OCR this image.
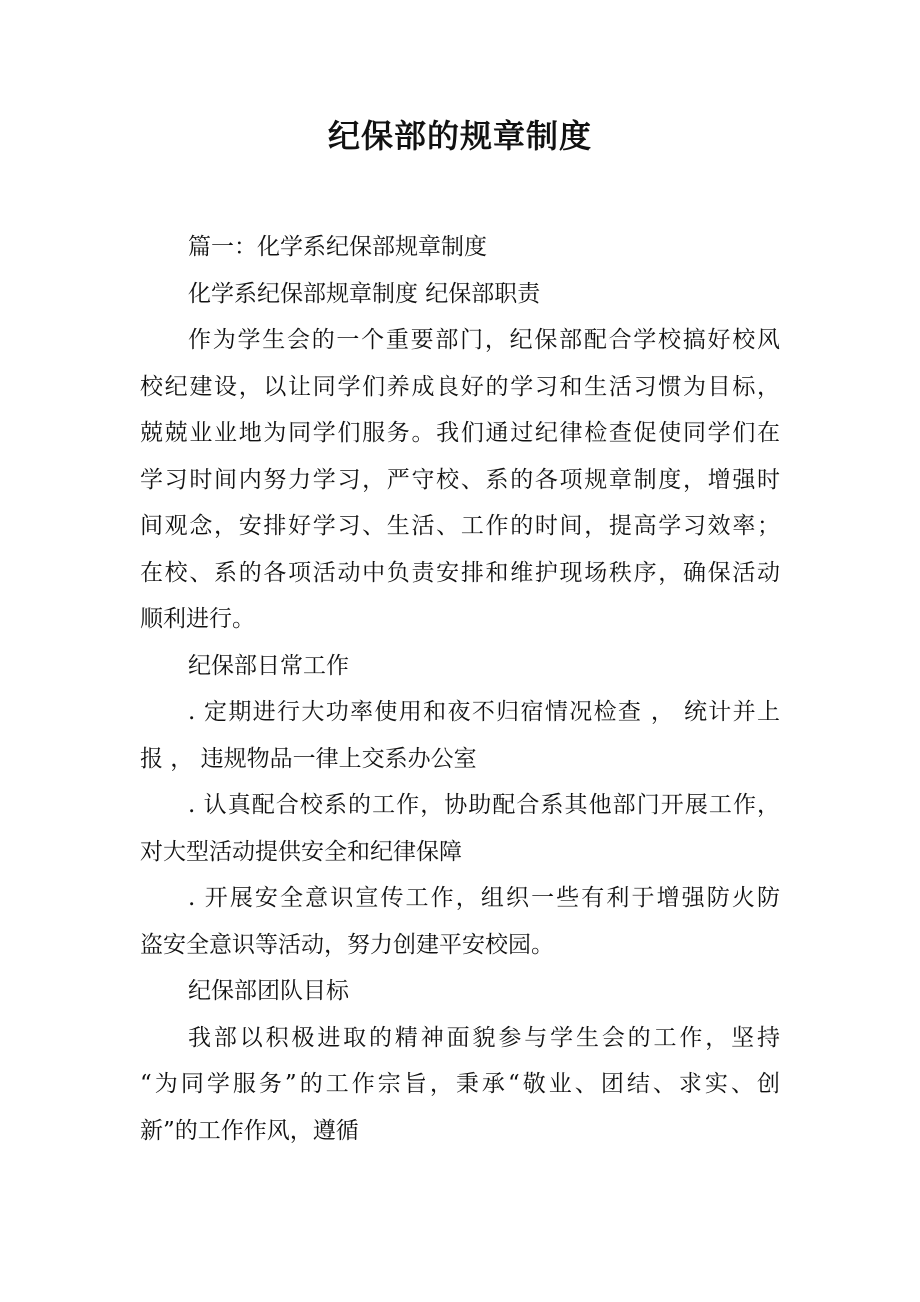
纪保部的规章制度

篇一：化学系纪保部规章制度

化学系纪保部规章制度 纪保部职责

作为学生会的一个重要部门，纪保部配合学校搞好校风
校纪建设，以让同学们养成良好的学习和生活习惯为目标，
兢兢业业地为同学们服务。我们通过纪律检查促使同学们在
学习时间内努力学习，严守校、系的各项规章制度，增强时
间观念，安排好学习、生活、工作的时间，提高学习效率；
在校、系的各项活动中负责安排和维护现场秩序，确保活动
顺利进行。

纪保部日常工作

. 定期进行大功率使用和夜不归宿情况检查 ， 统计并上
报 ， 违规物品一律上交系办公室

. 认真配合校系的工作，协助配合系其他部门开展工作，
对大型活动提供安全和纪律保障

. 开展安全意识宣传工作，组织一些有利于增强防火防
盗安全意识等活动，努力创建平安校园。

纪保部团队目标

我部以积极进取的精神面貌参与学生会的工作，坚持
“为同学服务”的工作宗旨，秉承“敬业、团结、求实、创
新”的工作作风，遵循
